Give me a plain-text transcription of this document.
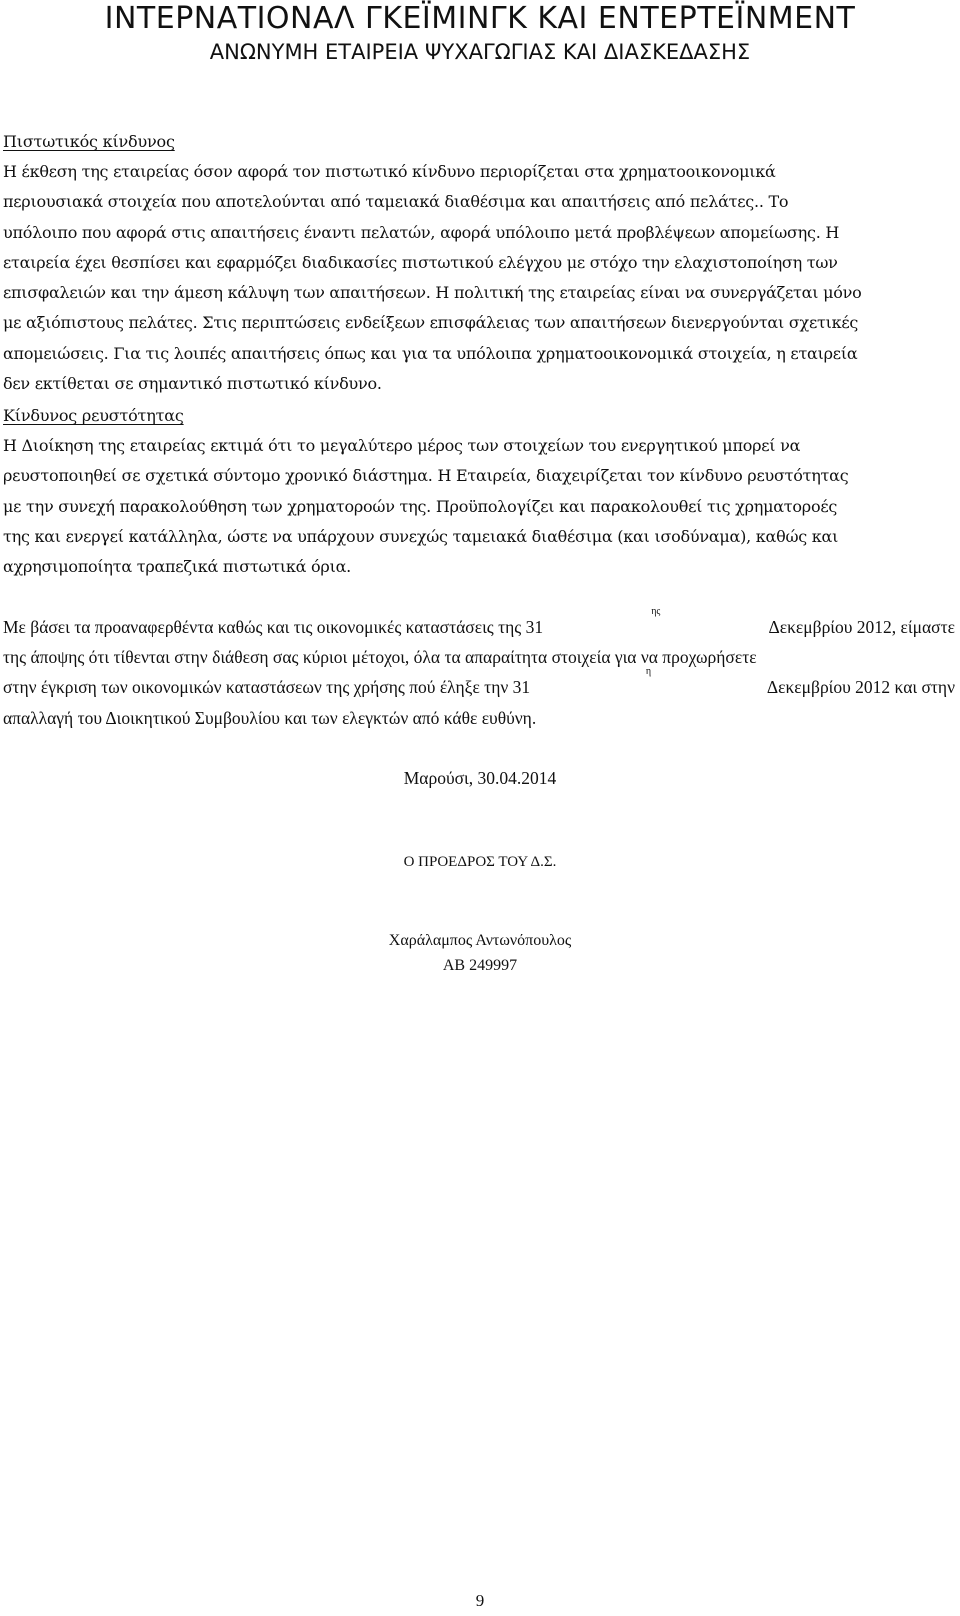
ΙΝΤΕΡΝΑΤΙΟΝΑΛ ΓΚΕΪΜΙΝΓΚ ΚΑΙ ΕΝΤΕΡΤΕΪΝΜΕΝΤ
ΑΝΩΝΥΜΗ ΕΤΑΙΡΕΙΑ ΨΥΧΑΓΩΓΙΑΣ ΚΑΙ ΔΙΑΣΚΕΔΑΣΗΣ
Πιστωτικός κίνδυνος
Η έκθεση της εταιρείας όσον αφορά τον πιστωτικό κίνδυνο περιορίζεται στα χρηματοοικονομικά
περιουσιακά στοιχεία που αποτελούνται από ταμειακά διαθέσιμα και απαιτήσεις από πελάτες.. Το
υπόλοιπο που αφορά στις απαιτήσεις έναντι πελατών, αφορά υπόλοιπο μετά προβλέψεων απομείωσης. Η
εταιρεία έχει θεσπίσει και εφαρμόζει διαδικασίες πιστωτικού ελέγχου με στόχο την ελαχιστοποίηση των
επισφαλειών και την άμεση κάλυψη των απαιτήσεων. Η πολιτική της εταιρείας είναι να συνεργάζεται μόνο
με αξιόπιστους πελάτες. Στις περιπτώσεις ενδείξεων επισφάλειας των απαιτήσεων διενεργούνται σχετικές
απομειώσεις. Για τις λοιπές απαιτήσεις όπως και για τα υπόλοιπα χρηματοοικονομικά στοιχεία, η εταιρεία
δεν εκτίθεται σε σημαντικό πιστωτικό κίνδυνο.
Κίνδυνος ρευστότητας
Η Διοίκηση της εταιρείας εκτιμά ότι το μεγαλύτερο μέρος των στοιχείων του ενεργητικού μπορεί να
ρευστοποιηθεί σε σχετικά σύντομο χρονικό διάστημα. Η Εταιρεία, διαχειρίζεται τον κίνδυνο ρευστότητας
με την συνεχή παρακολούθηση των χρηματοροών της. Προϋπολογίζει και παρακολουθεί τις χρηματοροές
της και ενεργεί κατάλληλα, ώστε να υπάρχουν συνεχώς ταμειακά διαθέσιμα (και ισοδύναμα), καθώς και
αχρησιμοποίητα τραπεζικά πιστωτικά όρια.
Με βάσει τα προαναφερθέντα καθώς και τις οικονομικές καταστάσεις της 31
ης
Δεκεμβρίου 2012, είμαστε
της άποψης ότι τίθενται στην διάθεση σας κύριοι μέτοχοι, όλα τα απαραίτητα στοιχεία για να προχωρήσετε
στην έγκριση των οικονομικών καταστάσεων της χρήσης πού έληξε την 31
η
Δεκεμβρίου 2012 και στην
απαλλαγή του Διοικητικού Συμβουλίου και των ελεγκτών από κάθε ευθύνη.
Μαρούσι, 30.04.2014
Ο ΠΡΟΕΔΡΟΣ ΤΟΥ Δ.Σ.
Χαράλαμπος Αντωνόπουλος
ΑΒ 249997
9
